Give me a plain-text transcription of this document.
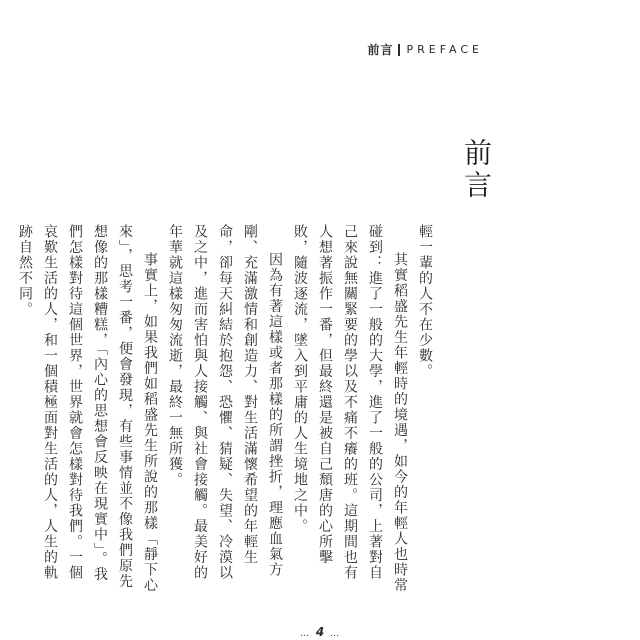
前言 PREFACE
前言

輕一輩的人不在少數。

其實稻盛先生年輕時的境遇，如今的年輕人也時常碰到：進了一般的大學，進了一般的公司，上著對自己來說無關緊要的學以及不痛不癢的班。這期間也有人想著振作一番，但最終還是被自己頹唐的心所擊敗，隨波逐流，墜入到平庸的人生境地之中。

因為有著這樣或者那樣的所謂挫折，理應血氣方剛、充滿激情和創造力、對生活滿懷希望的年輕生命，卻每天糾結於抱怨、恐懼、猜疑、失望、冷漠以及之中，進而害怕與人接觸、與社會接觸。最美好的年華就這樣匆匆流逝，最終一無所獲。

事實上，如果我們如稻盛先生所說的那樣「靜下心來」，思考一番，便會發現，有些事情並不像我們原先想像的那樣糟糕，「內心的思想會反映在現實中」。我們怎樣對待這個世界，世界就會怎樣對待我們。一個哀歎生活的人，和一個積極面對生活的人，人生的軌跡自然不同。

… 4 …
